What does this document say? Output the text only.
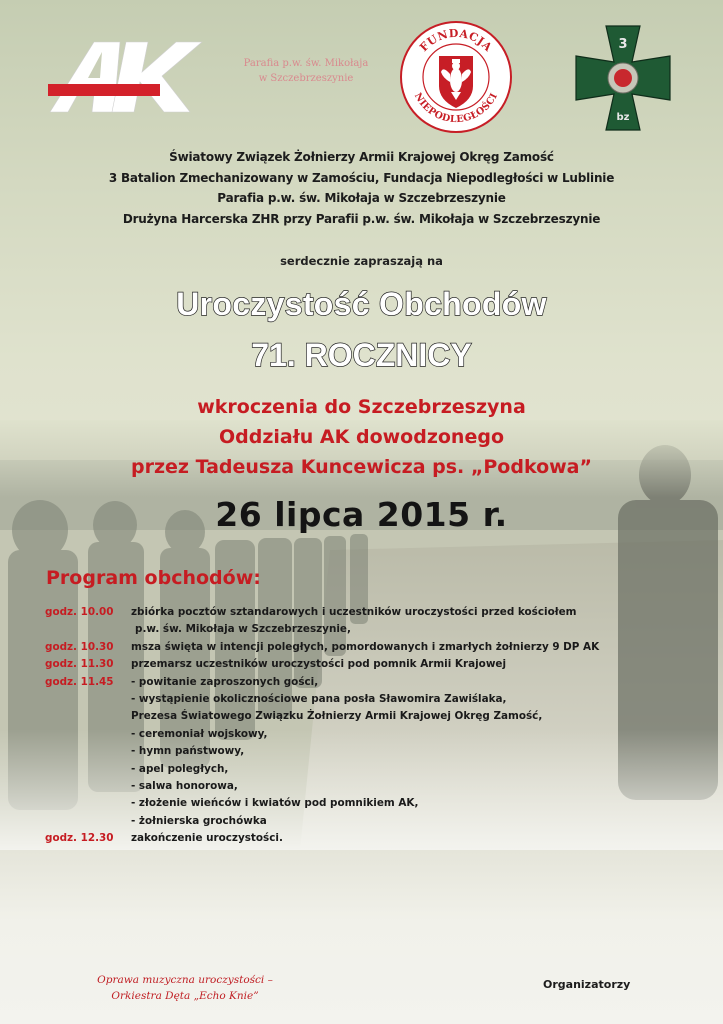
Parafia p.w. św. Mikołaja
w Szczebrzeszynie
FUNDACJA
NIEPODLEGŁOŚCI
3
bz
Światowy Związek Żołnierzy Armii Krajowej Okręg Zamość
3 Batalion Zmechanizowany w Zamościu, Fundacja Niepodległości w Lublinie
Parafia p.w. św. Mikołaja w Szczebrzeszynie
Drużyna Harcerska ZHR przy Parafii p.w. św. Mikołaja w Szczebrzeszynie
serdecznie zapraszają na
Uroczystość Obchodów
71. ROCZNICY
wkroczenia do Szczebrzeszyna
Oddziału AK dowodzonego
przez Tadeusza Kuncewicza ps. „Podkowa”
26 lipca 2015 r.
Program obchodów:
godz. 10.00	zbiórka pocztów sztandarowych i uczestników uroczystości przed kościołem
p.w. św. Mikołaja w Szczebrzeszynie,
godz. 10.30	msza święta w intencji poległych, pomordowanych i zmarłych żołnierzy 9 DP AK
godz. 11.30	przemarsz uczestników uroczystości pod pomnik Armii Krajowej
godz. 11.45	- powitanie zaproszonych gości,
- wystąpienie okolicznościowe pana posła Sławomira Zawiślaka,
Prezesa Światowego Związku Żołnierzy Armii Krajowej Okręg Zamość,
- ceremoniał wojskowy,
- hymn państwowy,
- apel poległych,
- salwa honorowa,
- złożenie wieńców i kwiatów pod pomnikiem AK,
- żołnierska grochówka
godz. 12.30	zakończenie uroczystości.
Oprawa muzyczna uroczystości –
Orkiestra Dęta „Echo Knie”
Organizatorzy
